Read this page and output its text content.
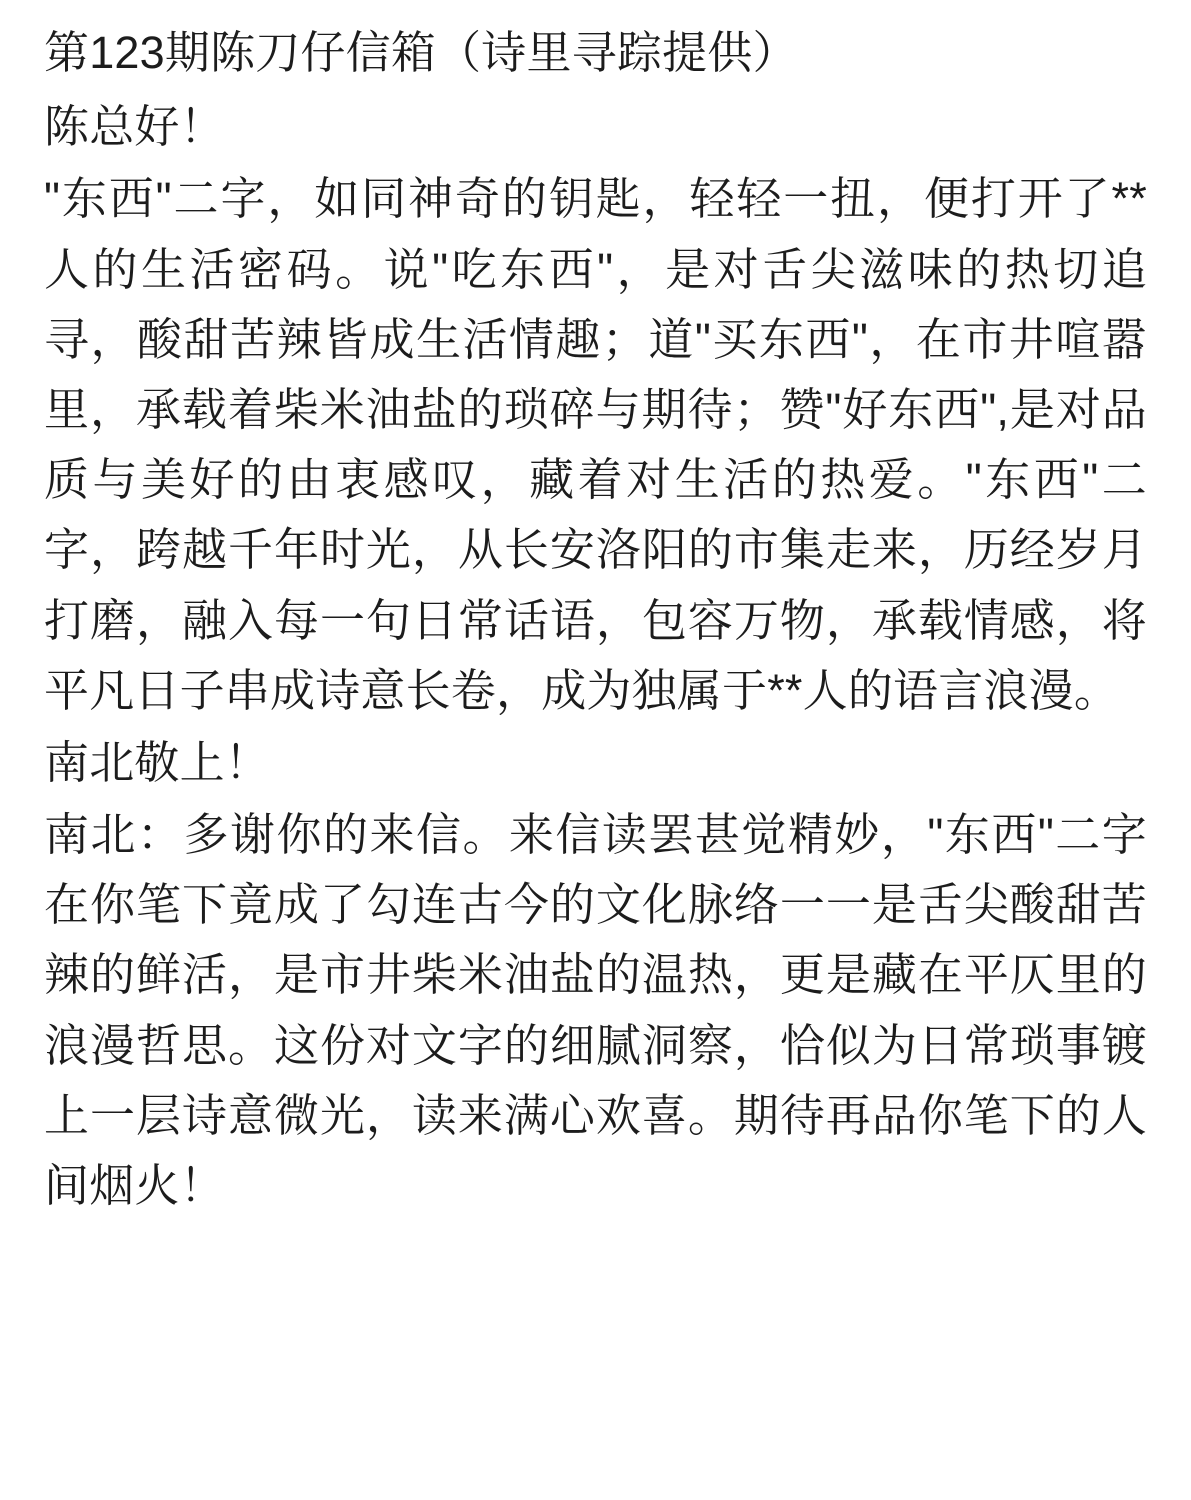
第123期陈刀仔信箱（诗里寻踪提供）

陈总好！

"东西"二字，如同神奇的钥匙，轻轻一扭，便打开了**人的生活密码。说"吃东西"，是对舌尖滋味的热切追寻，酸甜苦辣皆成生活情趣；道"买东西"，在市井喧嚣里，承载着柴米油盐的琐碎与期待；赞"好东西",是对品质与美好的由衷感叹，藏着对生活的热爱。"东西"二字，跨越千年时光，从长安洛阳的市集走来，历经岁月打磨，融入每一句日常话语，包容万物，承载情感，将平凡日子串成诗意长卷，成为独属于**人的语言浪漫。

南北敬上！

南北：多谢你的来信。来信读罢甚觉精妙，"东西"二字在你笔下竟成了勾连古今的文化脉络一一是舌尖酸甜苦辣的鲜活，是市井柴米油盐的温热，更是藏在平仄里的浪漫哲思。这份对文字的细腻洞察，恰似为日常琐事镀上一层诗意微光，读来满心欢喜。期待再品你笔下的人间烟火！
